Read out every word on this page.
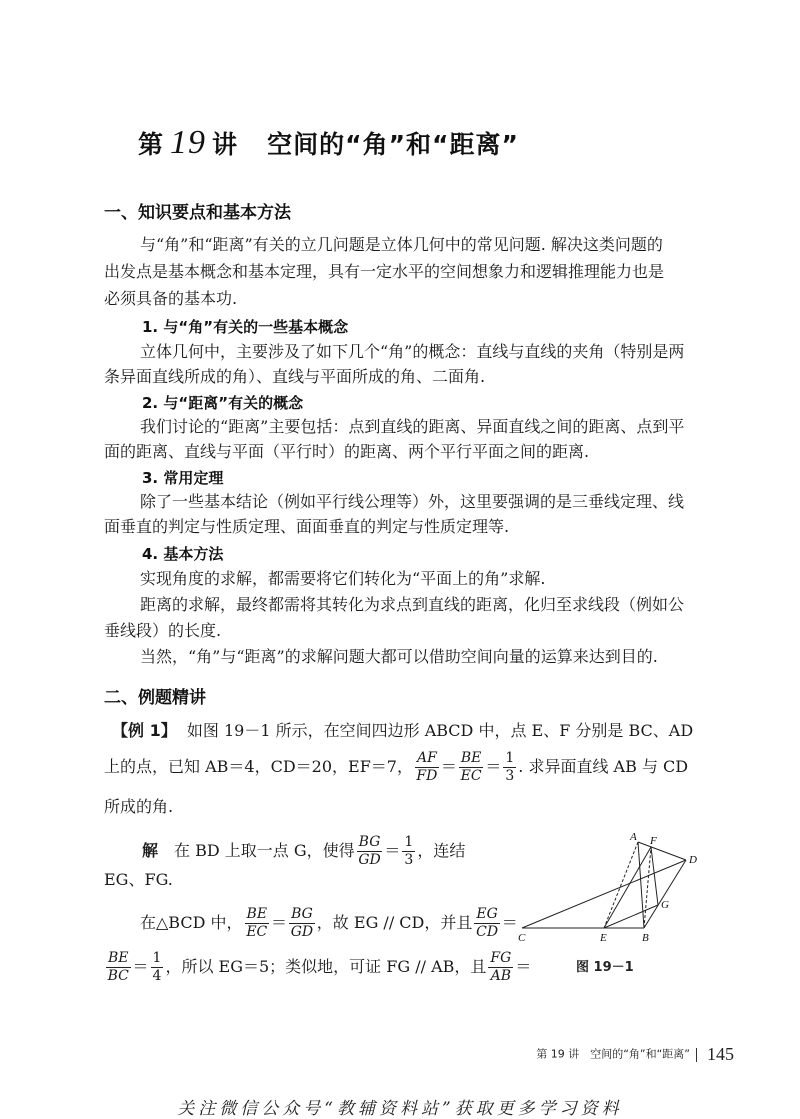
第 19 讲 空间的“角”和“距离”
一、知识要点和基本方法
与“角”和“距离”有关的立几问题是立体几何中的常见问题. 解决这类问题的
出发点是基本概念和基本定理，具有一定水平的空间想象力和逻辑推理能力也是
必须具备的基本功.
1. 与“角”有关的一些基本概念
立体几何中，主要涉及了如下几个“角”的概念：直线与直线的夹角（特别是两
条异面直线所成的角）、直线与平面所成的角、二面角.
2. 与“距离”有关的概念
我们讨论的“距离”主要包括：点到直线的距离、异面直线之间的距离、点到平
面的距离、直线与平面（平行时）的距离、两个平行平面之间的距离.
3. 常用定理
除了一些基本结论（例如平行线公理等）外，这里要强调的是三垂线定理、线
面垂直的判定与性质定理、面面垂直的判定与性质定理等.
4. 基本方法
实现角度的求解，都需要将它们转化为“平面上的角”求解.
距离的求解，最终都需将其转化为求点到直线的距离，化归至求线段（例如公
垂线段）的长度.
当然，“角”与“距离”的求解问题大都可以借助空间向量的运算来达到目的.
二、例题精讲
【例 1】 如图 19－1 所示，在空间四边形 ABCD 中，点 E、F 分别是 BC、AD
上的点，已知 AB＝4，CD＝20，EF＝7， $\frac{AF}{FD} = \frac{BE}{EC} = \frac{1}{3}$ . 求异面直线 AB 与 CD
所成的角.
解 在 BD 上取一点 G，使得 $\frac{BG}{GD} = \frac{1}{3}$ ，连结
EG、FG.
在△BCD 中， $\frac{BE}{EC} = \frac{BG}{GD}$ ，故 EG // CD，并且 $\frac{EG}{CD}$ ＝
$\frac{BE}{BC} = \frac{1}{4}$ ，所以 EG＝5；类似地，可证 FG // AB，且 $\frac{FG}{AB}$ ＝
A F
D
G
C	E	B
图 19－1
第 19 讲　空间的“角”和“距离” 145
关注微信公众号“教辅资料站”获取更多学习资料
